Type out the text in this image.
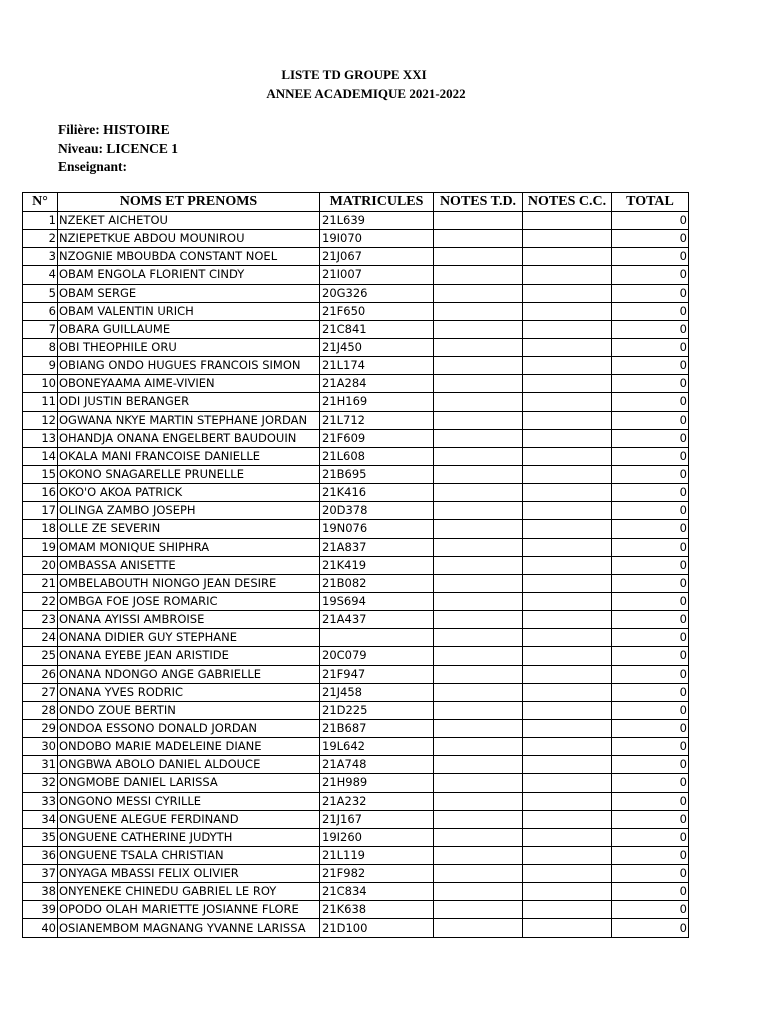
LISTE TD GROUPE XXI
ANNEE ACADEMIQUE 2021-2022
Filière: HISTOIRE
Niveau: LICENCE 1
Enseignant:
N°	NOMS ET PRENOMS	MATRICULES	NOTES T.D.	NOTES C.C.	TOTAL
1	NZEKET AICHETOU	21L639			0
2	NZIEPETKUE ABDOU MOUNIROU	19I070			0
3	NZOGNIE MBOUBDA CONSTANT NOEL	21J067			0
4	OBAM ENGOLA FLORIENT CINDY	21I007			0
5	OBAM SERGE	20G326			0
6	OBAM VALENTIN URICH	21F650			0
7	OBARA GUILLAUME	21C841			0
8	OBI THEOPHILE ORU	21J450			0
9	OBIANG ONDO HUGUES FRANCOIS SIMON	21L174			0
10	OBONEYAAMA AIME-VIVIEN	21A284			0
11	ODI JUSTIN BERANGER	21H169			0
12	OGWANA NKYE MARTIN STEPHANE JORDAN	21L712			0
13	OHANDJA ONANA ENGELBERT BAUDOUIN	21F609			0
14	OKALA MANI FRANCOISE DANIELLE	21L608			0
15	OKONO SNAGARELLE PRUNELLE	21B695			0
16	OKO'O AKOA PATRICK	21K416			0
17	OLINGA ZAMBO JOSEPH	20D378			0
18	OLLE ZE SEVERIN	19N076			0
19	OMAM MONIQUE SHIPHRA	21A837			0
20	OMBASSA ANISETTE	21K419			0
21	OMBELABOUTH NIONGO JEAN DESIRE	21B082			0
22	OMBGA FOE JOSE ROMARIC	19S694			0
23	ONANA AYISSI AMBROISE	21A437			0
24	ONANA DIDIER GUY STEPHANE				0
25	ONANA EYEBE JEAN ARISTIDE	20C079			0
26	ONANA NDONGO ANGE GABRIELLE	21F947			0
27	ONANA YVES RODRIC	21J458			0
28	ONDO ZOUE BERTIN	21D225			0
29	ONDOA ESSONO DONALD JORDAN	21B687			0
30	ONDOBO MARIE MADELEINE DIANE	19L642			0
31	ONGBWA ABOLO DANIEL ALDOUCE	21A748			0
32	ONGMOBE DANIEL LARISSA	21H989			0
33	ONGONO MESSI CYRILLE	21A232			0
34	ONGUENE ALEGUE FERDINAND	21J167			0
35	ONGUENE CATHERINE JUDYTH	19I260			0
36	ONGUENE TSALA CHRISTIAN	21L119			0
37	ONYAGA MBASSI FELIX OLIVIER	21F982			0
38	ONYENEKE CHINEDU GABRIEL LE ROY	21C834			0
39	OPODO OLAH MARIETTE JOSIANNE FLORE	21K638			0
40	OSIANEMBOM MAGNANG YVANNE LARISSA	21D100			0
